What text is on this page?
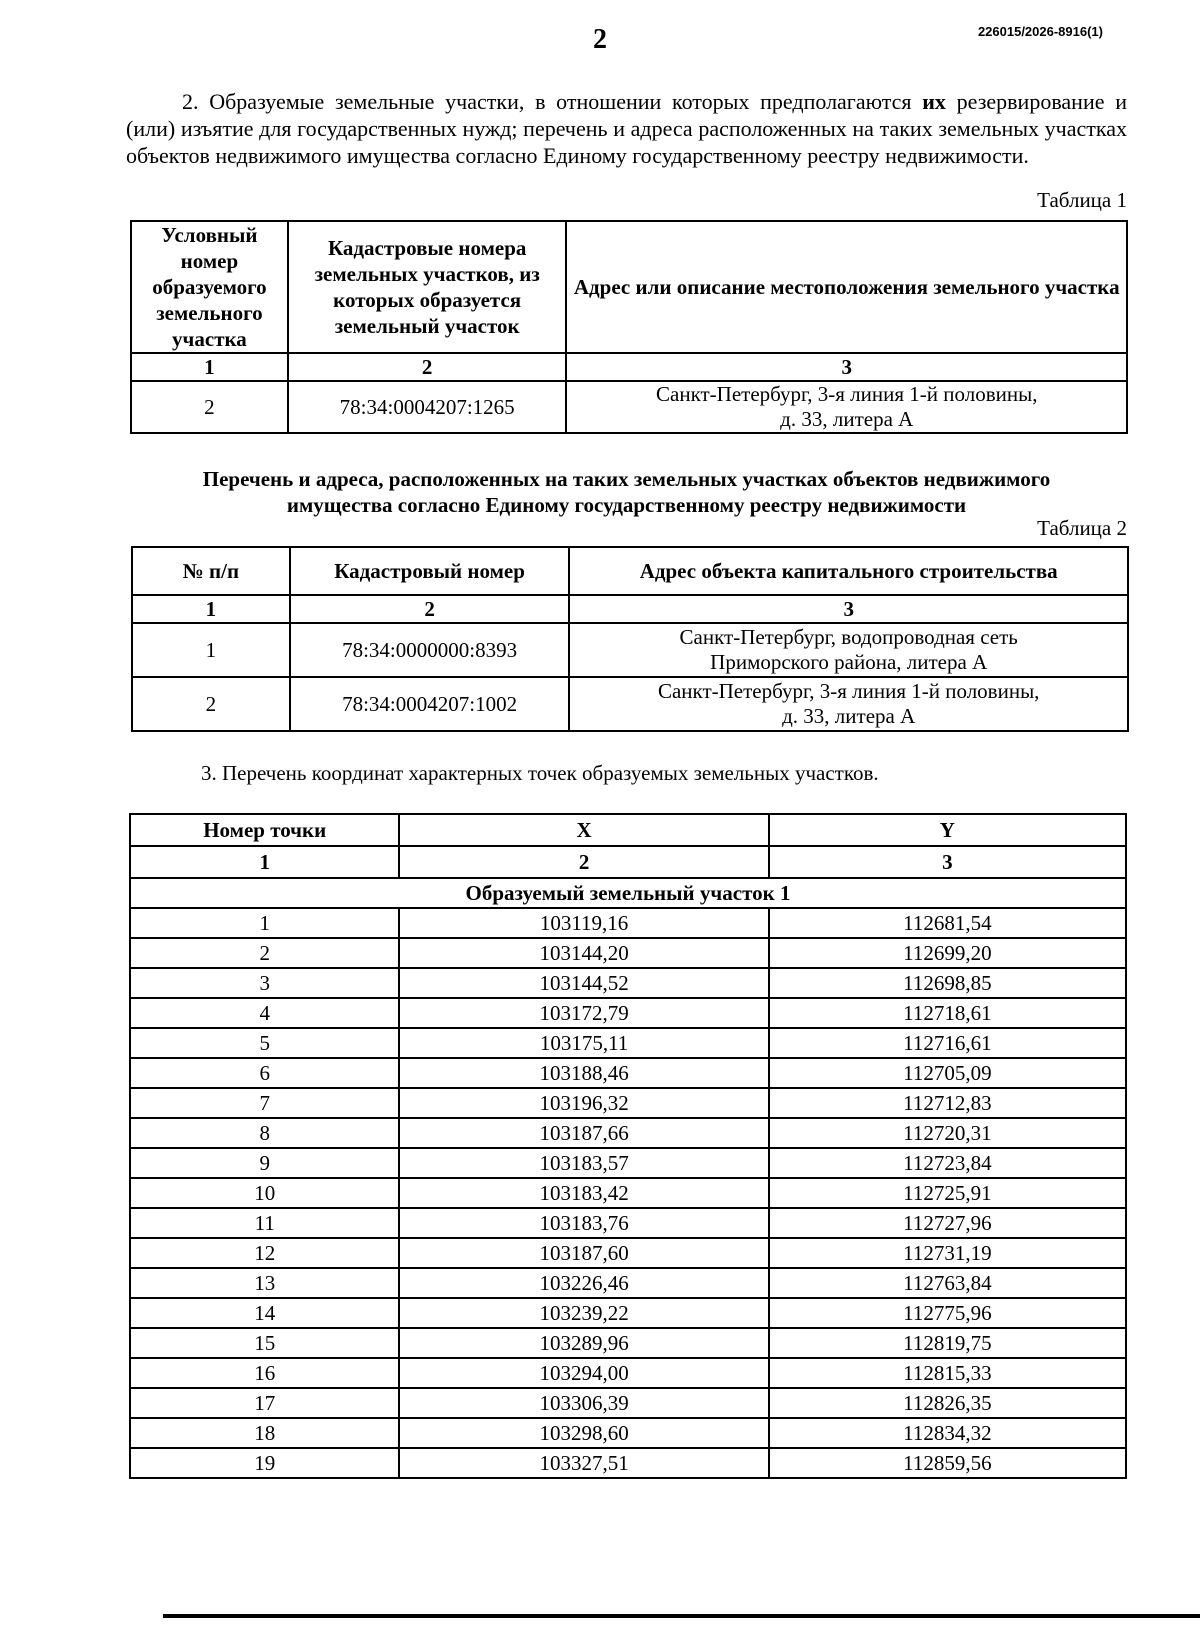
2	226015/2026-8916(1)

2. Образуемые земельные участки, в отношении которых предполагаются их резервирование и (или) изъятие для государственных нужд; перечень и адреса расположенных на таких земельных участках объектов недвижимого имущества согласно Единому государственному реестру недвижимости.

Таблица 1
Условный номер образуемого земельного участка	Кадастровые номера земельных участков, из которых образуется земельный участок	Адрес или описание местоположения земельного участка
1	2	3
2	78:34:0004207:1265	Санкт-Петербург, 3-я линия 1-й половины,
д. 33, литера А
Перечень и адреса, расположенных на таких земельных участках объектов недвижимого
имущества согласно Единому государственному реестру недвижимости
Таблица 2
№ п/п	Кадастровый номер	Адрес объекта капитального строительства
1	2	3
1	78:34:0000000:8393	Санкт-Петербург, водопроводная сеть
Приморского района, литера А
2	78:34:0004207:1002	Санкт-Петербург, 3-я линия 1-й половины,
д. 33, литера А

3. Перечень координат характерных точек образуемых земельных участков.

Номер точки	X	Y
1	2	3
Образуемый земельный участок 1		
1	103119,16	112681,54
2	103144,20	112699,20
3	103144,52	112698,85
4	103172,79	112718,61
5	103175,11	112716,61
6	103188,46	112705,09
7	103196,32	112712,83
8	103187,66	112720,31
9	103183,57	112723,84
10	103183,42	112725,91
11	103183,76	112727,96
12	103187,60	112731,19
13	103226,46	112763,84
14	103239,22	112775,96
15	103289,96	112819,75
16	103294,00	112815,33
17	103306,39	112826,35
18	103298,60	112834,32
19	103327,51	112859,56
